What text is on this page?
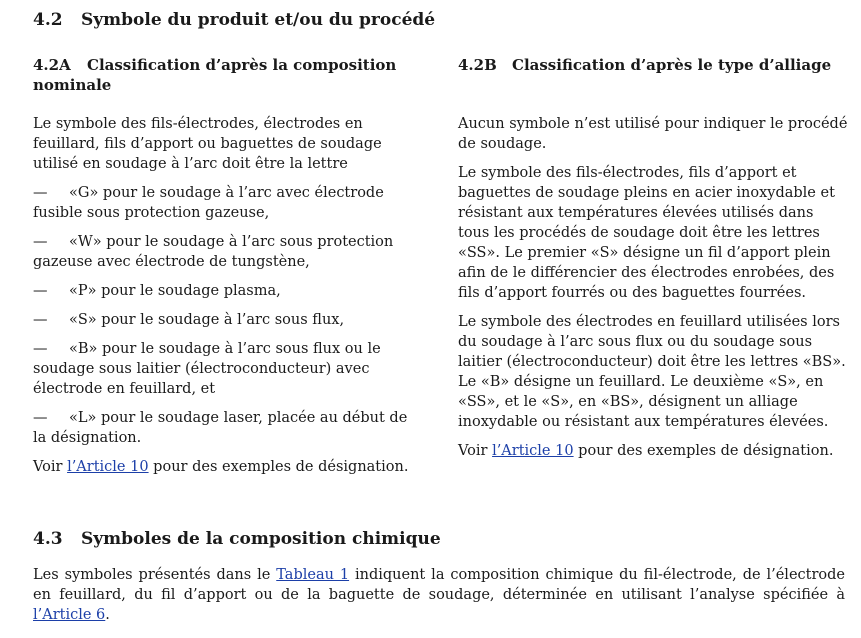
4.2 Symbole du produit et/ou du procédé
4.2A Classification d’après la composition nominale

Le symbole des fils-électrodes, électrodes en feuillard, fils d’apport ou baguettes de soudage utilisé en soudage à l’arc doit être la lettre

— «G» pour le soudage à l’arc avec électrode fusible sous protection gazeuse,

— «W» pour le soudage à l’arc sous protection gazeuse avec électrode de tungstène,

— «P» pour le soudage plasma,

— «S» pour le soudage à l’arc sous flux,

— «B» pour le soudage à l’arc sous flux ou le soudage sous laitier (électroconducteur) avec électrode en feuillard, et

— «L» pour le soudage laser, placée au début de la désignation.

Voir l’Article 10 pour des exemples de désignation.

4.2B Classification d’après le type d’alliage

Aucun symbole n’est utilisé pour indiquer le procédé de soudage.

Le symbole des fils-électrodes, fils d’apport et baguettes de soudage pleins en acier inoxydable et résistant aux températures élevées utilisés dans tous les procédés de soudage doit être les lettres «SS». Le premier «S» désigne un fil d’apport plein afin de le différencier des électrodes enrobées, des fils d’apport fourrés ou des baguettes fourrées.

Le symbole des électrodes en feuillard utilisées lors du soudage à l’arc sous flux ou du soudage sous laitier (électroconducteur) doit être les lettres «BS». Le «B» désigne un feuillard. Le deuxième «S», en «SS», et le «S», en «BS», désignent un alliage inoxydable ou résistant aux températures élevées.

Voir l’Article 10 pour des exemples de désignation.

4.3 Symboles de la composition chimique

Les symboles présentés dans le Tableau 1 indiquent la composition chimique du fil-électrode, de l’électrode en feuillard, du fil d’apport ou de la baguette de soudage, déterminée en utilisant l’analyse spécifiée à l’Article 6.
